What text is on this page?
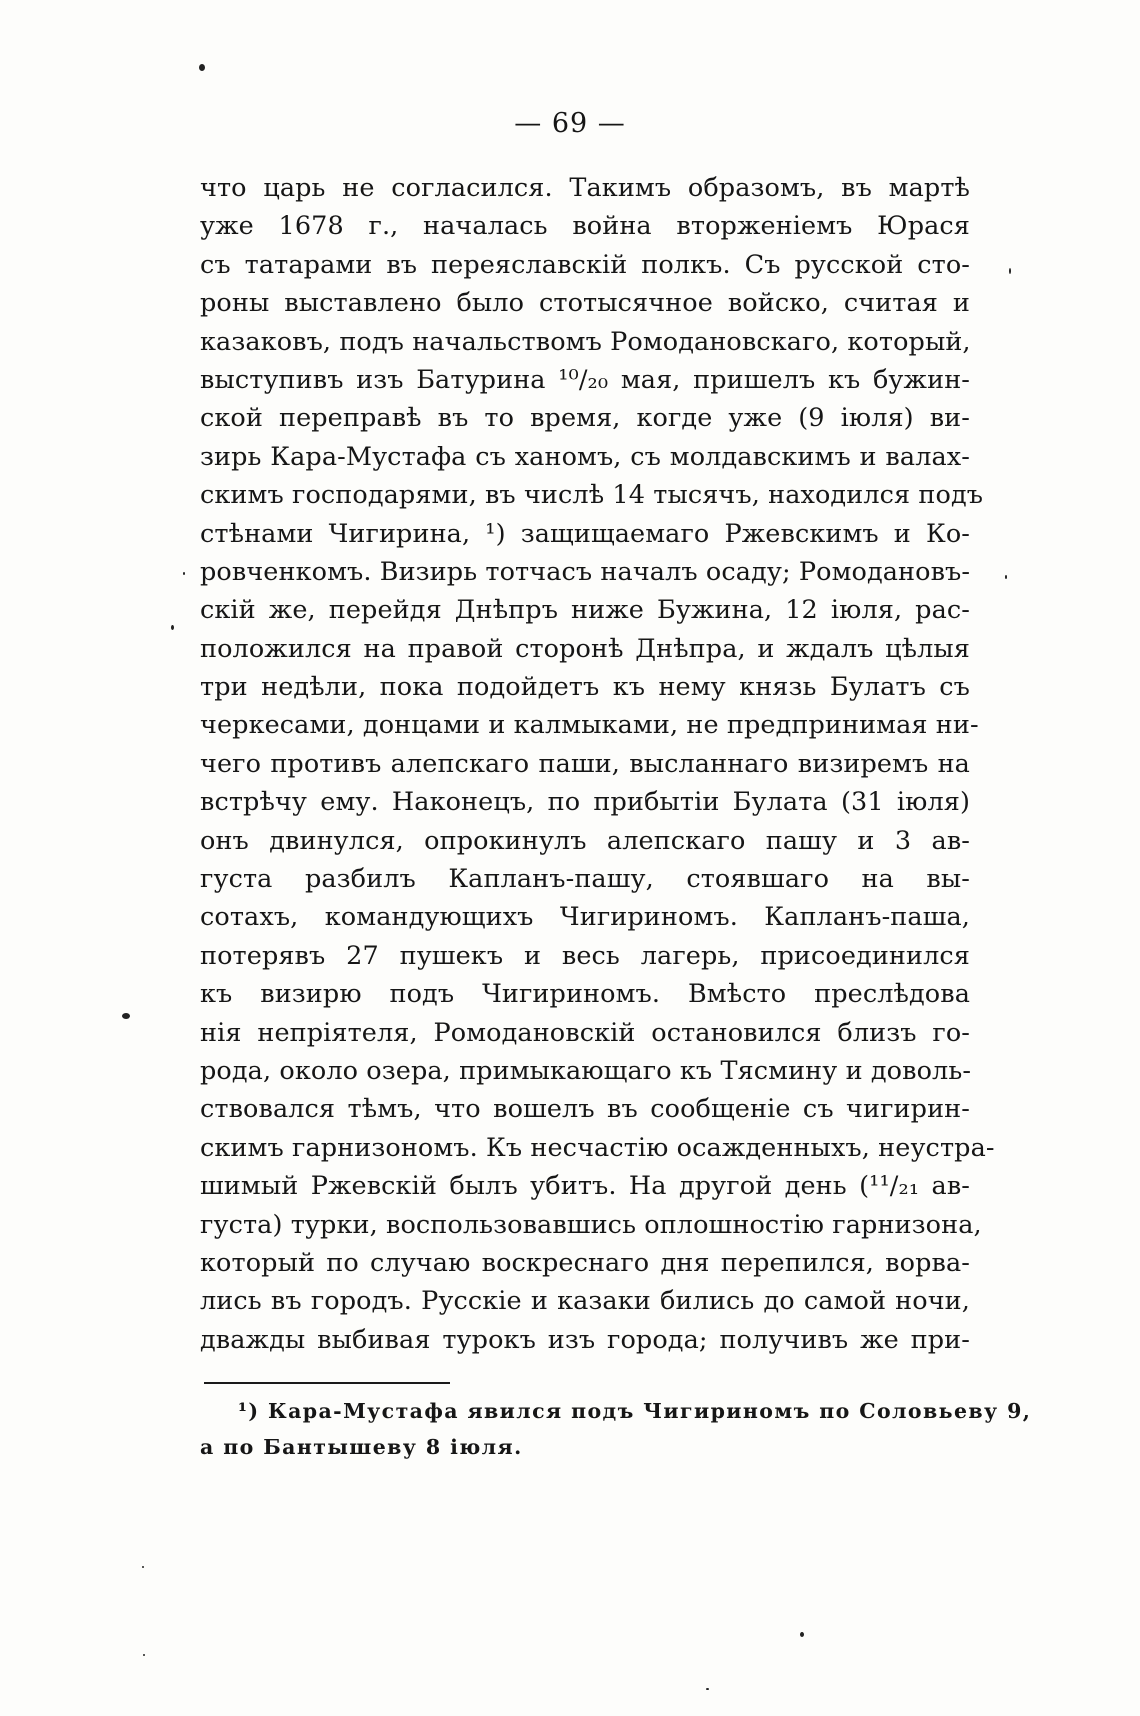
— 69 —
что царь не согласился. Такимъ образомъ, въ мартѣ
уже 1678 г., началась война вторженіемъ Юрася
съ татарами въ переяславскій полкъ. Съ русской сто-
роны выставлено было стотысячное войско, считая и
казаковъ, подъ начальствомъ Ромодановскаго, который,
выступивъ изъ Батурина ¹⁰/₂₀ мая, пришелъ къ бужин-
ской переправѣ въ то время, когде уже (9 іюля) ви-
зирь Кара-Мустафа съ ханомъ, съ молдавскимъ и валах-
скимъ господарями, въ числѣ 14 тысячъ, находился подъ
стѣнами Чигирина, ¹) защищаемаго Ржевскимъ и Ко-
ровченкомъ. Визирь тотчасъ началъ осаду; Ромодановъ-
скій же, перейдя Днѣпръ ниже Бужина, 12 іюля, рас-
положился на правой сторонѣ Днѣпра, и ждалъ цѣлыя
три недѣли, пока подойдетъ къ нему князь Булатъ съ
черкесами, донцами и калмыками, не предпринимая ни-
чего противъ алепскаго паши, высланнаго визиремъ на
встрѣчу ему. Наконецъ, по прибытіи Булата (31 іюля)
онъ двинулся, опрокинулъ алепскаго пашу и 3 ав-
густа разбилъ Капланъ-пашу, стоявшаго на вы-
сотахъ, командующихъ Чигириномъ. Капланъ-паша,
потерявъ 27 пушекъ и весь лагерь, присоединился
къ визирю подъ Чигириномъ. Вмѣсто преслѣдова
нія непріятеля, Ромодановскій остановился близъ го-
рода, около озера, примыкающаго къ Тясмину и доволь-
ствовался тѣмъ, что вошелъ въ сообщеніе съ чигирин-
скимъ гарнизономъ. Къ несчастію осажденныхъ, неустра-
шимый Ржевскій былъ убитъ. На другой день (¹¹/₂₁ ав-
густа) турки, воспользовавшись оплошностію гарнизона,
который по случаю воскреснаго дня перепился, ворва-
лись въ городъ. Русскіе и казаки бились до самой ночи,
дважды выбивая турокъ изъ города; получивъ же при-
¹) Кара-Мустафа явился подъ Чигириномъ по Соловьеву 9,
а по Бантышеву 8 іюля.
